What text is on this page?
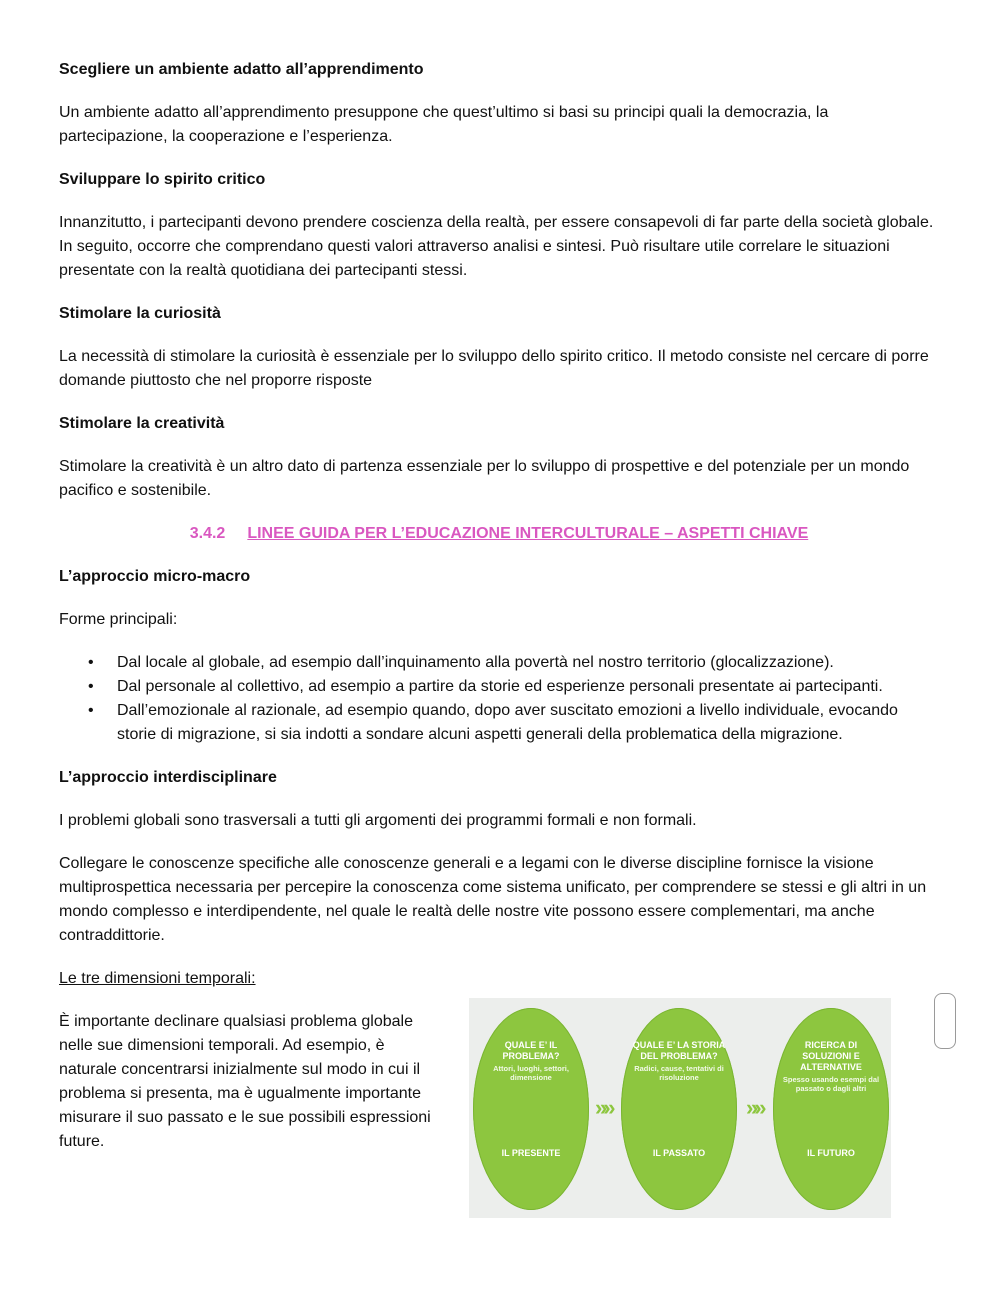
Scegliere un ambiente adatto all’apprendimento

Un ambiente adatto all’apprendimento presuppone che quest’ultimo si basi su principi quali la democrazia, la partecipazione, la cooperazione e l’esperienza.

Sviluppare lo spirito critico

Innanzitutto, i partecipanti devono prendere coscienza della realtà, per essere consapevoli di far parte della società globale. In seguito, occorre che comprendano questi valori attraverso analisi e sintesi. Può risultare utile correlare le situazioni presentate con la realtà quotidiana dei partecipanti stessi.

Stimolare la curiosità

La necessità di stimolare la curiosità è essenziale per lo sviluppo dello spirito critico. Il metodo consiste nel cercare di porre domande piuttosto che nel proporre risposte

Stimolare la creatività

Stimolare la creatività è un altro dato di partenza essenziale per lo sviluppo di prospettive e del potenziale per un mondo pacifico e sostenibile.

3.4.2 LINEE GUIDA PER L’EDUCAZIONE INTERCULTURALE – ASPETTI CHIAVE
L’approccio micro-macro

Forme principali:

• Dal locale al globale, ad esempio dall’inquinamento alla povertà nel nostro territorio (glocalizzazione).
• Dal personale al collettivo, ad esempio a partire da storie ed esperienze personali presentate ai partecipanti.
• Dall’emozionale al razionale, ad esempio quando, dopo aver suscitato emozioni a livello individuale, evocando storie di migrazione, si sia indotti a sondare alcuni aspetti generali della problematica della migrazione.
L’approccio interdisciplinare

I problemi globali sono trasversali a tutti gli argomenti dei programmi formali e non formali.

Collegare le conoscenze specifiche alle conoscenze generali e a legami con le diverse discipline fornisce la visione multiprospettica necessaria per percepire la conoscenza come sistema unificato, per comprendere se stessi e gli altri in un mondo complesso e interdipendente, nel quale le realtà delle nostre vite possono essere complementari, ma anche contraddittorie.

Le tre dimensioni temporali:
È importante declinare qualsiasi problema globale nelle sue dimensioni temporali. Ad esempio, è naturale concentrarsi inizialmente sul modo in cui il problema si presenta, ma è ugualmente importante misurare il suo passato e le sue possibili espressioni future.
QUALE E’ IL PROBLEMA?
Attori, luoghi, settori, dimensione
IL PRESENTE
»»
QUALE E’ LA STORIA DEL PROBLEMA?
Radici, cause, tentativi di risoluzione
IL PASSATO
»»
RICERCA DI SOLUZIONI E ALTERNATIVE
Spesso usando esempi dal passato o dagli altri
IL FUTURO
